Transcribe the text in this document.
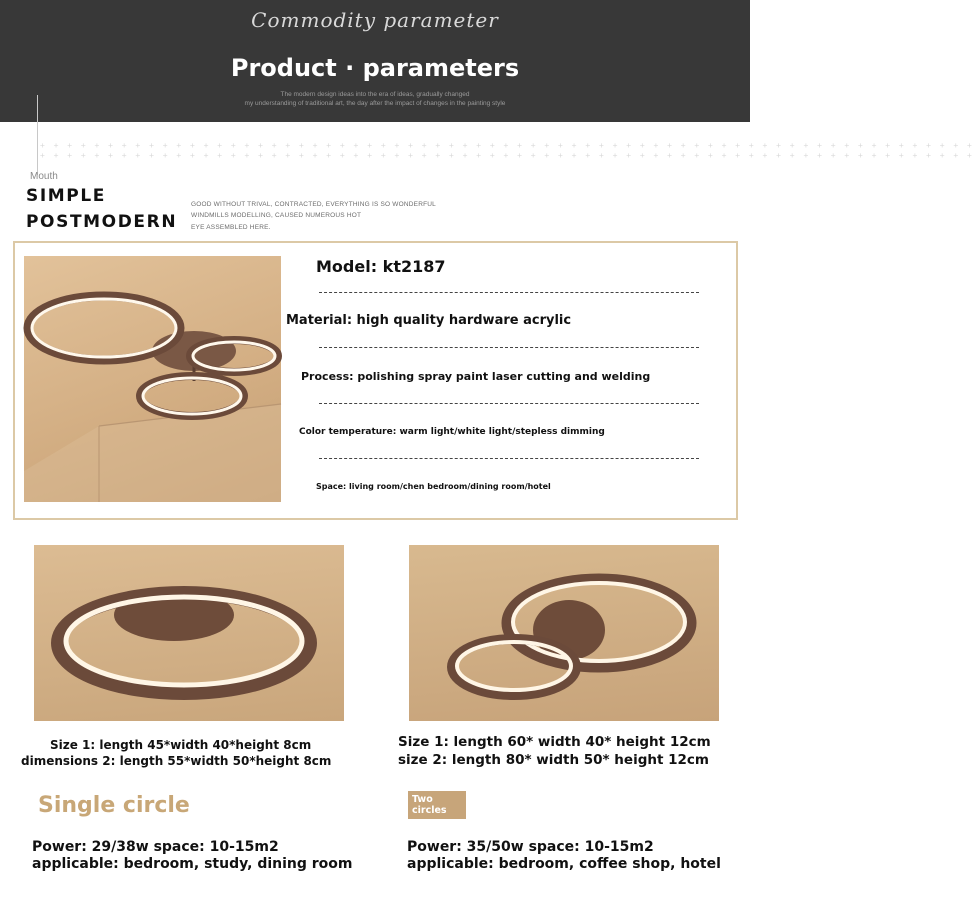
Commodity parameter
Product · parameters
The modern design ideas into the era of ideas, gradually changed
my understanding of traditional art, the day after the impact of changes in the painting style
+ + + + + + + + + + + + + + + + + + + + + + + + + + + + + + + + + + + + + + + + + + + + + + + + + + + + + + + + + + + + + + + + + + + + +
+ + + + + + + + + + + + + + + + + + + + + + + + + + + + + + + + + + + + + + + + + + + + + + + + + + + + + + + + + + + + + + + + + + + + +
Mouth
SIMPLE
POSTMODERN
GOOD WITHOUT TRIVAL, CONTRACTED, EVERYTHING IS SO WONDERFUL
WINDMILLS MODELLING, CAUSED NUMEROUS HOT
EYE ASSEMBLED HERE.
Model: kt2187
Material: high quality hardware acrylic
Process: polishing spray paint laser cutting and welding
Color temperature: warm light/white light/stepless dimming
Space: living room/chen bedroom/dining room/hotel
Size 1: length 45*width 40*height 8cm
dimensions 2: length 55*width 50*height 8cm
Size 1: length 60* width 40* height 12cm
size 2: length 80* width 50* height 12cm
Single circle	Two
circles
Power: 29/38w space: 10-15m2
applicable: bedroom, study, dining room
Power: 35/50w space: 10-15m2
applicable: bedroom, coffee shop, hotel
